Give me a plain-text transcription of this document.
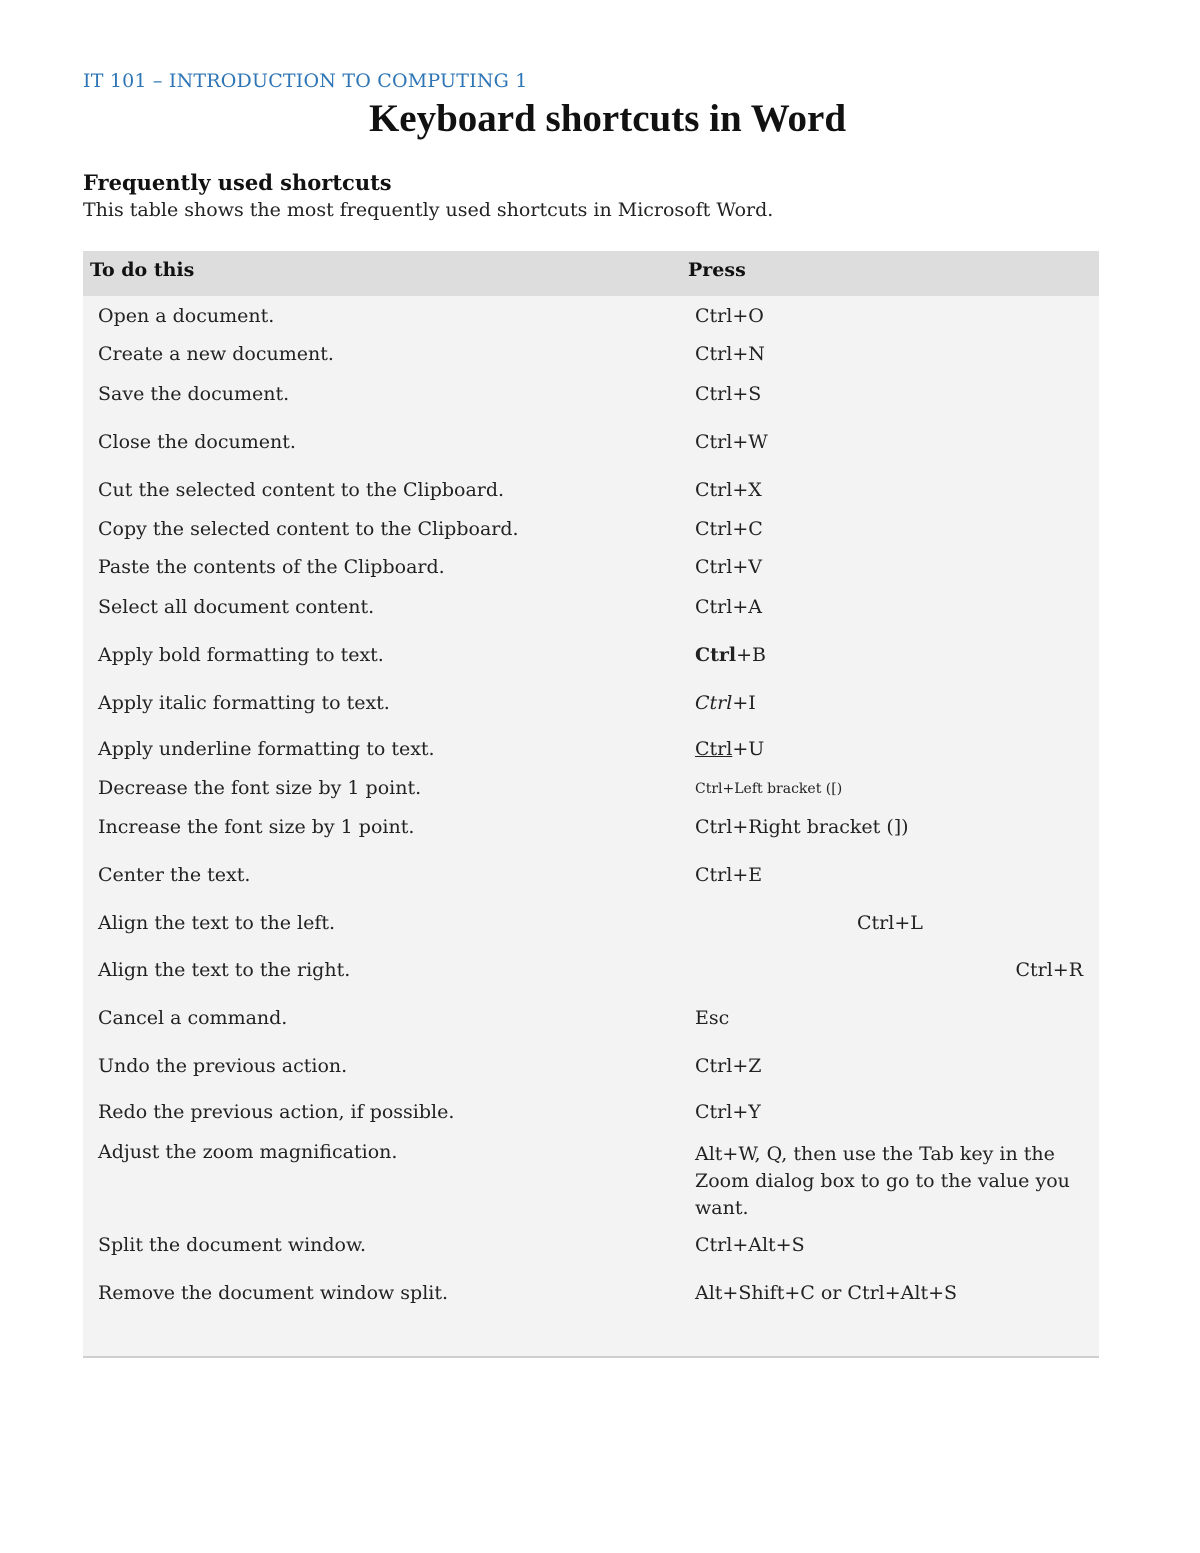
IT 101 – INTRODUCTION TO COMPUTING 1
Keyboard shortcuts in Word
Frequently used shortcuts

This table shows the most frequently used shortcuts in Microsoft Word.

To do this	Press
Open a document.	Ctrl+O
Create a new document.	Ctrl+N
Save the document.	Ctrl+S
Close the document.	Ctrl+W
Cut the selected content to the Clipboard.	Ctrl+X
Copy the selected content to the Clipboard.	Ctrl+C
Paste the contents of the Clipboard.	Ctrl+V
Select all document content.	Ctrl+A
Apply bold formatting to text.	Ctrl+B
Apply italic formatting to text.	Ctrl+I
Apply underline formatting to text.	Ctrl+U
Decrease the font size by 1 point.	Ctrl+Left bracket ([)
Increase the font size by 1 point.	Ctrl+Right bracket (])
Center the text.	Ctrl+E
Align the text to the left.	Ctrl+L
Align the text to the right.	Ctrl+R
Cancel a command.	Esc
Undo the previous action.	Ctrl+Z
Redo the previous action, if possible.	Ctrl+Y
Adjust the zoom magnification.	Alt+W, Q, then use the Tab key in the Zoom dialog box to go to the value you want.
Split the document window.	Ctrl+Alt+S
Remove the document window split.	Alt+Shift+C or Ctrl+Alt+S
